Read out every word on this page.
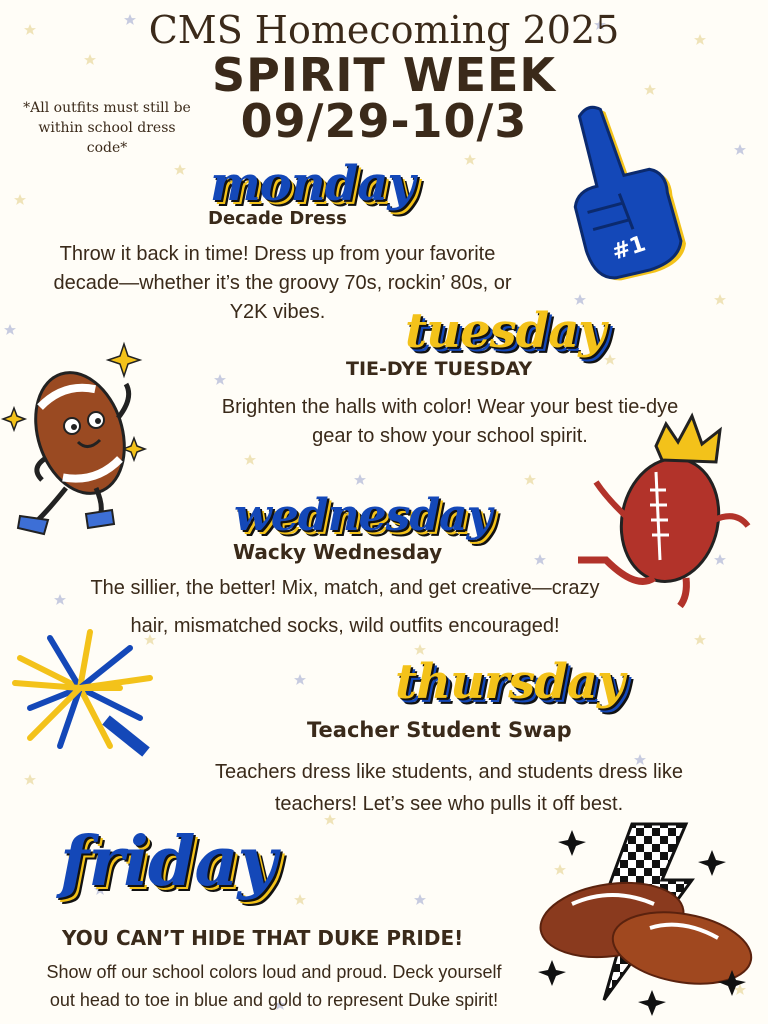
CMS Homecoming 2025
SPIRIT WEEK
09/29-10/3
*All outfits must still be within school dress code*
#1
monday
Decade Dress
Throw it back in time! Dress up from your favorite
decade—whether it’s the groovy 70s, rockin’ 80s, or
Y2K vibes.	tuesday
TIE-DYE TUESDAY
Brighten the halls with color! Wear your best tie-dye
gear to show your school spirit.
wednesday
Wacky Wednesday
The sillier, the better! Mix, match, and get creative—crazy
hair, mismatched socks, wild outfits encouraged!
thursday
Teacher Student Swap
Teachers dress like students, and students dress like
teachers! Let’s see who pulls it off best.
friday
YOU CAN’T HIDE THAT DUKE PRIDE!
Show off our school colors loud and proud. Deck yourself
out head to toe in blue and gold to represent Duke spirit!
